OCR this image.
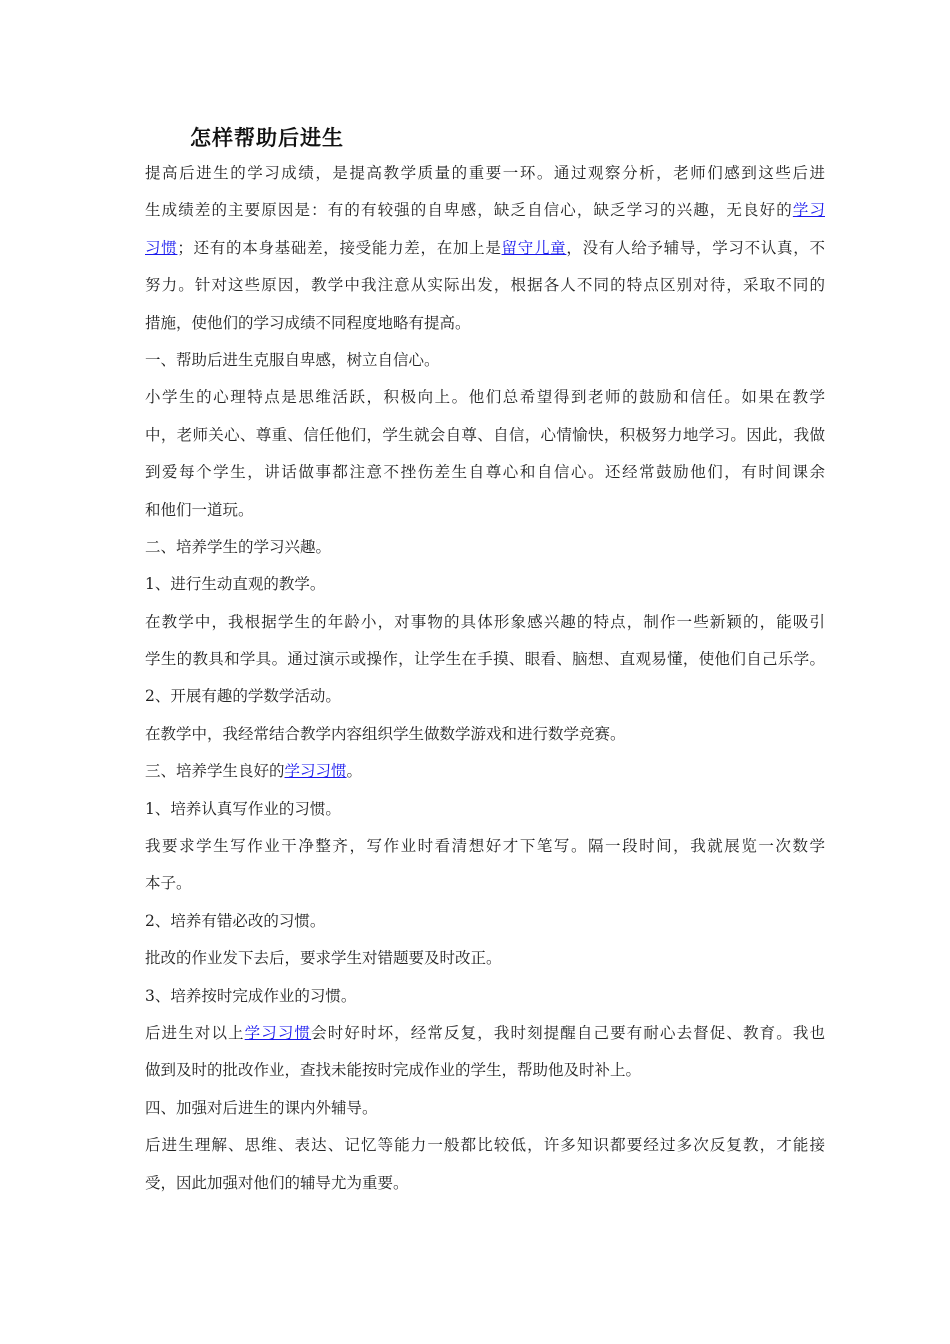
怎样帮助后进生
提高后进生的学习成绩，是提高教学质量的重要一环。通过观察分析，老师们感到这些后进
生成绩差的主要原因是：有的有较强的自卑感，缺乏自信心，缺乏学习的兴趣，无良好的学习
习惯；还有的本身基础差，接受能力差，在加上是留守儿童，没有人给予辅导，学习不认真，不
努力。针对这些原因，教学中我注意从实际出发，根据各人不同的特点区别对待，采取不同的
措施，使他们的学习成绩不同程度地略有提高。
一、帮助后进生克服自卑感，树立自信心。
小学生的心理特点是思维活跃，积极向上。他们总希望得到老师的鼓励和信任。如果在教学
中，老师关心、尊重、信任他们，学生就会自尊、自信，心情愉快，积极努力地学习。因此，我做
到爱每个学生，讲话做事都注意不挫伤差生自尊心和自信心。还经常鼓励他们，有时间课余
和他们一道玩。
二、培养学生的学习兴趣。
1、进行生动直观的教学。
在教学中，我根据学生的年龄小，对事物的具体形象感兴趣的特点，制作一些新颖的，能吸引
学生的教具和学具。通过演示或操作，让学生在手摸、眼看、脑想、直观易懂，使他们自己乐学。
2、开展有趣的学数学活动。
在教学中，我经常结合教学内容组织学生做数学游戏和进行数学竞赛。
三、培养学生良好的学习习惯。
1、培养认真写作业的习惯。
我要求学生写作业干净整齐，写作业时看清想好才下笔写。隔一段时间，我就展览一次数学
本子。
2、培养有错必改的习惯。
批改的作业发下去后，要求学生对错题要及时改正。
3、培养按时完成作业的习惯。
后进生对以上学习习惯会时好时坏，经常反复，我时刻提醒自己要有耐心去督促、教育。我也
做到及时的批改作业，查找未能按时完成作业的学生，帮助他及时补上。
四、加强对后进生的课内外辅导。
后进生理解、思维、表达、记忆等能力一般都比较低，许多知识都要经过多次反复教，才能接
受，因此加强对他们的辅导尤为重要。
